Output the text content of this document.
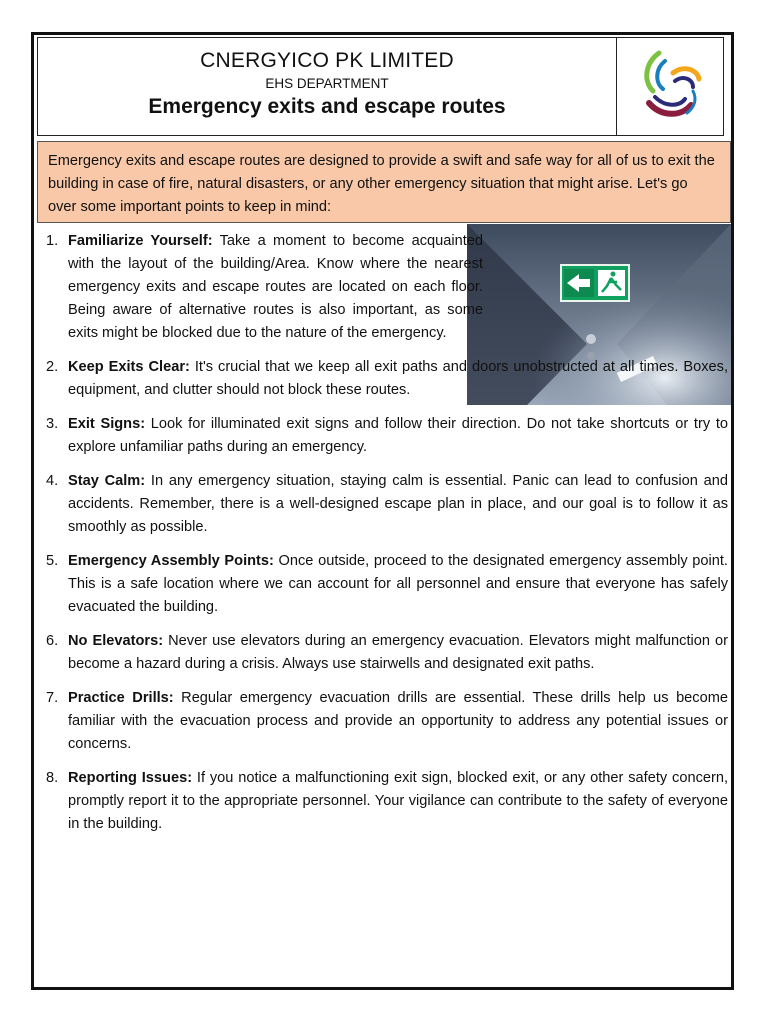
CNERGYICO PK LIMITED
EHS DEPARTMENT
Emergency exits and escape routes
Emergency exits and escape routes are designed to provide a swift and safe way for all of us to exit the building in case of fire, natural disasters, or any other emergency situation that might arise. Let's go over some important points to keep in mind:
1. Familiarize Yourself: Take a moment to become acquainted with the layout of the building/Area. Know where the nearest emergency exits and escape routes are located on each floor. Being aware of alternative routes is also important, as some exits might be blocked due to the nature of the emergency.
2. Keep Exits Clear: It's crucial that we keep all exit paths and doors unobstructed at all times. Boxes, equipment, and clutter should not block these routes.
3. Exit Signs: Look for illuminated exit signs and follow their direction. Do not take shortcuts or try to explore unfamiliar paths during an emergency.
4. Stay Calm: In any emergency situation, staying calm is essential. Panic can lead to confusion and accidents. Remember, there is a well-designed escape plan in place, and our goal is to follow it as smoothly as possible.
5. Emergency Assembly Points: Once outside, proceed to the designated emergency assembly point. This is a safe location where we can account for all personnel and ensure that everyone has safely evacuated the building.
6. No Elevators: Never use elevators during an emergency evacuation. Elevators might malfunction or become a hazard during a crisis. Always use stairwells and designated exit paths.
7. Practice Drills: Regular emergency evacuation drills are essential. These drills help us become familiar with the evacuation process and provide an opportunity to address any potential issues or concerns.
8. Reporting Issues: If you notice a malfunctioning exit sign, blocked exit, or any other safety concern, promptly report it to the appropriate personnel. Your vigilance can contribute to the safety of everyone in the building.
